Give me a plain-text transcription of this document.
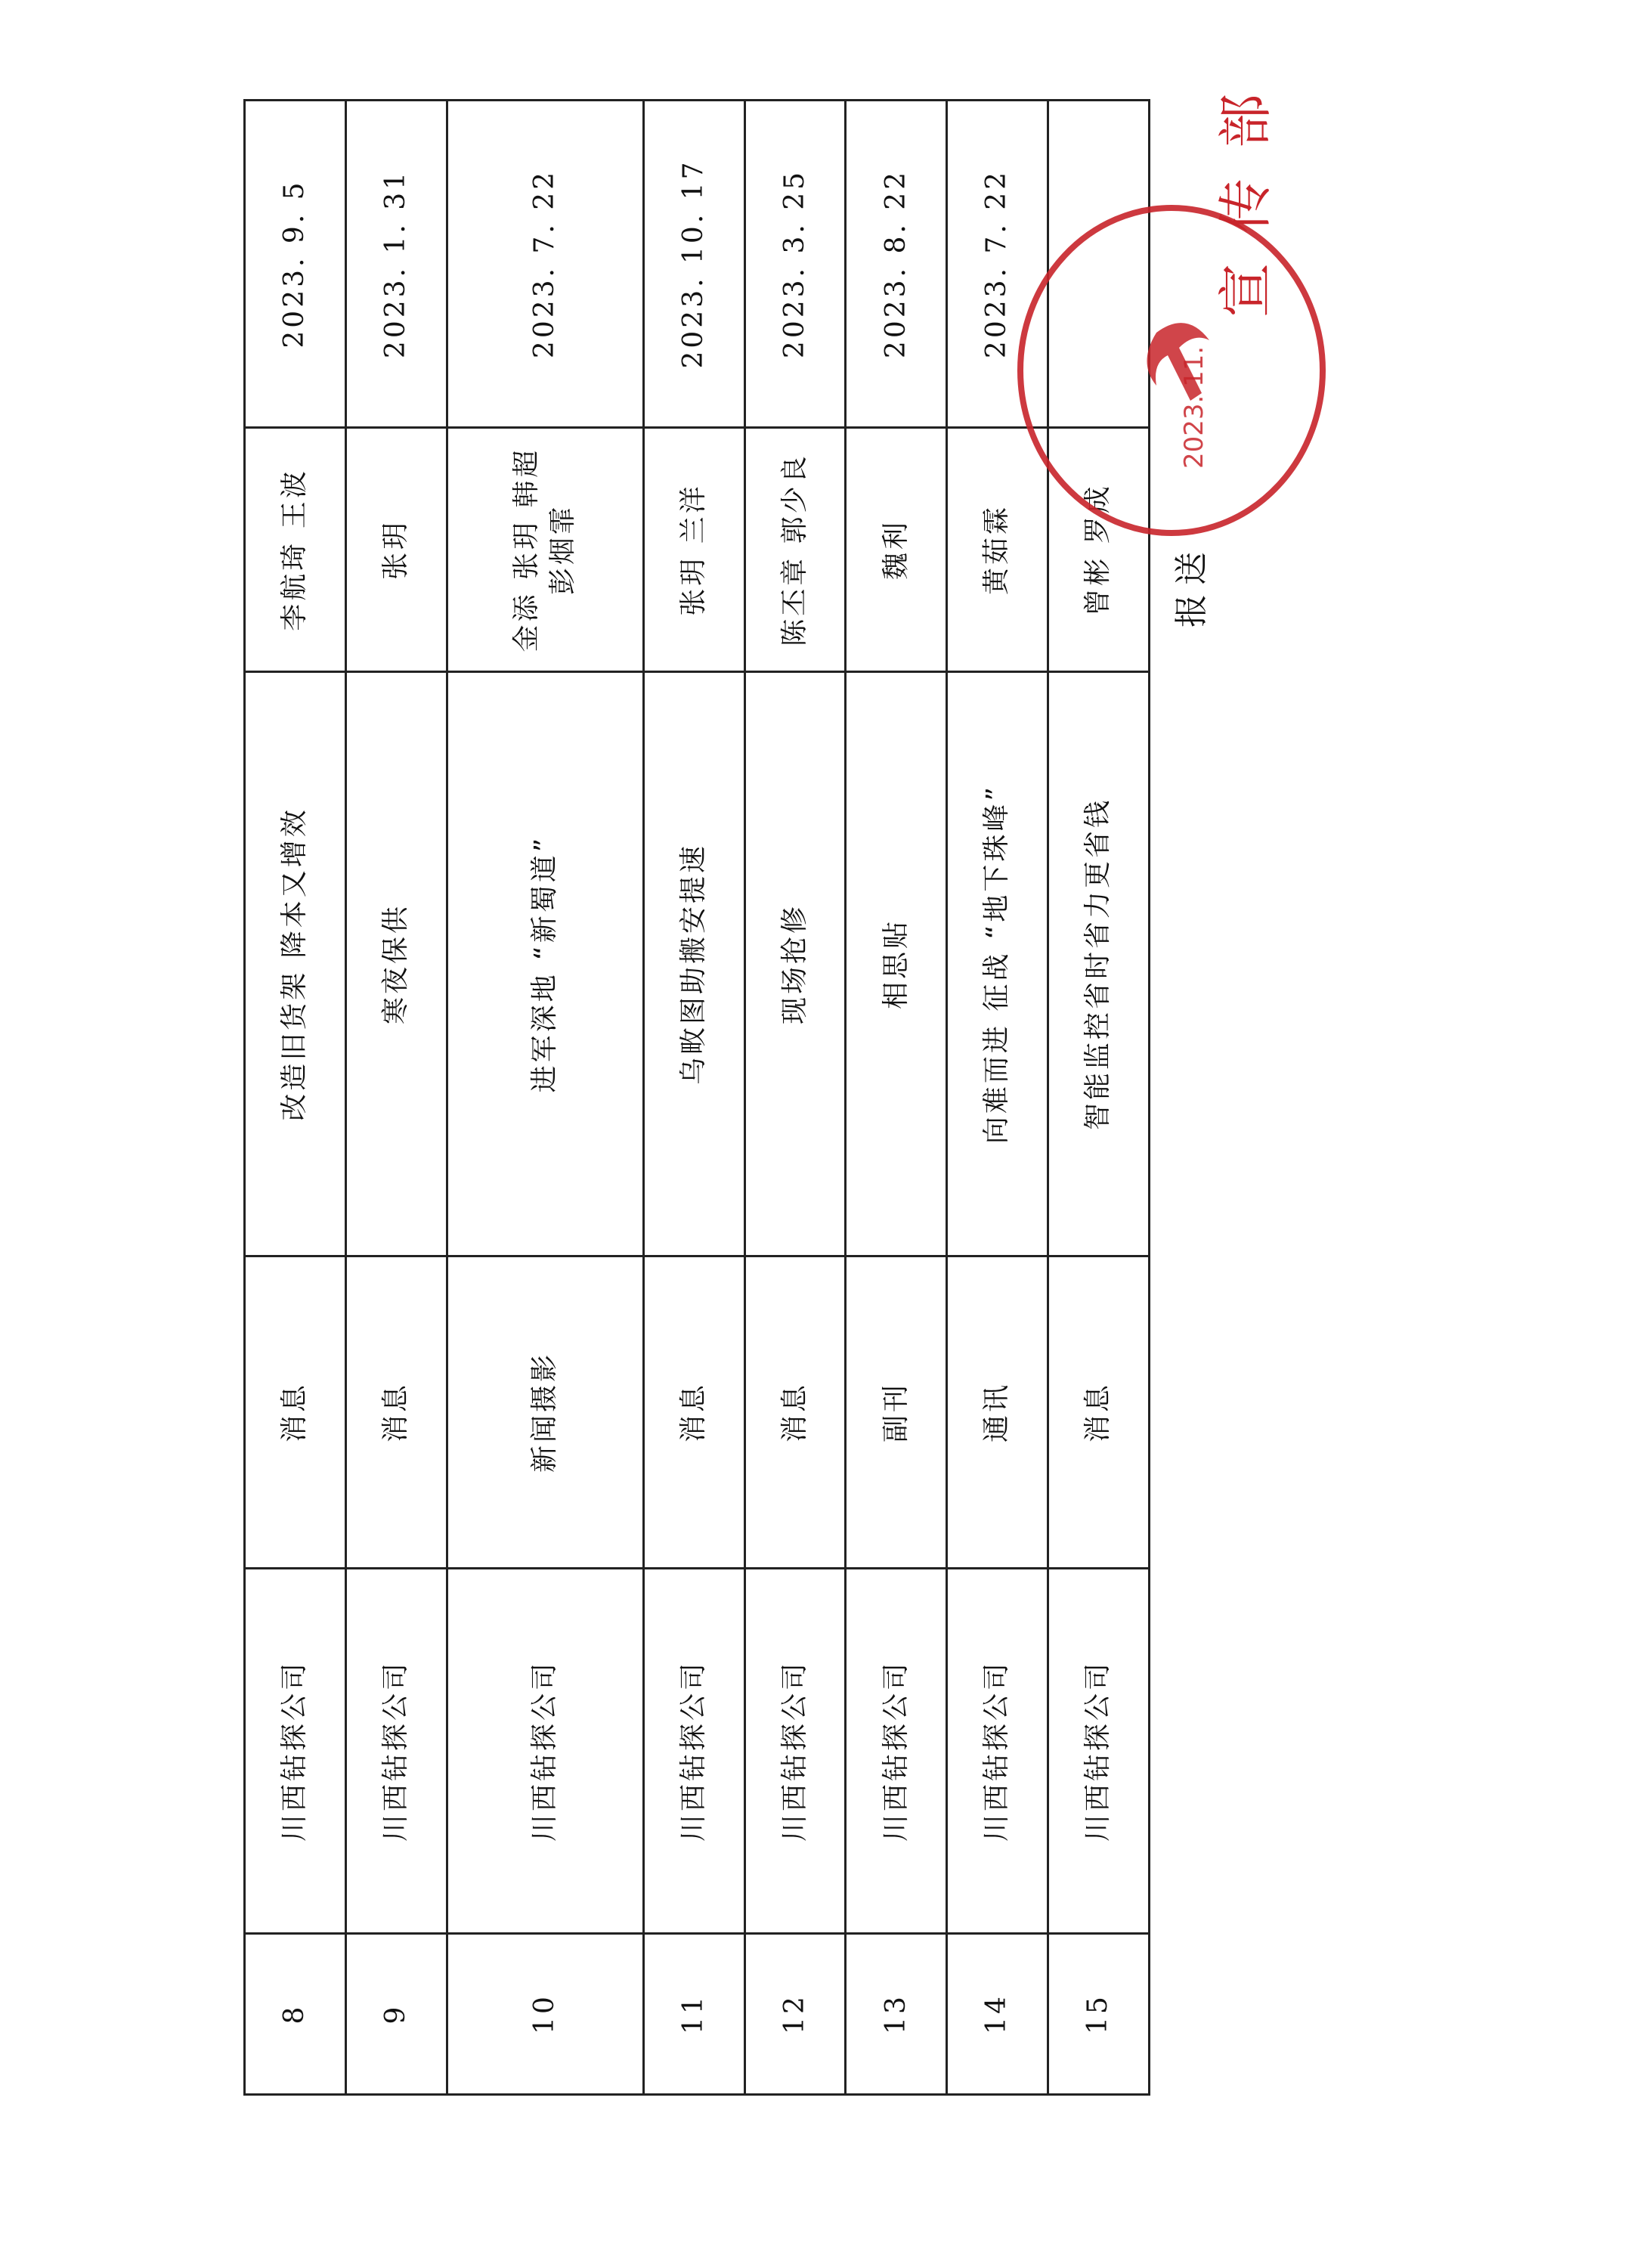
8	川西钻探公司	消息	改造旧货架 降本又增效	李航琦 王波	2023. 9. 5
9	川西钻探公司	消息	寒夜保供	张玥	2023. 1. 31
10	川西钻探公司	新闻摄影	进军深地 “新蜀道”	金添 张玥 韩超 彭烟霏	2023. 7. 22
11	川西钻探公司	消息	乌畋图助搬安提速	张玥 兰洋	2023. 10. 17
12	川西钻探公司	消息	现场抢修	陈丕章 郭少良	2023. 3. 25
13	川西钻探公司	副刊	相思贴	魏利	2023. 8. 22
14	川西钻探公司	通讯	向难而进 征战 “地下珠峰”	黄茹霖	2023. 7. 22
15	川西钻探公司	消息	智能监控省时省力更省钱	曾彬 罗成	报送
宣传部
2023. 11.
